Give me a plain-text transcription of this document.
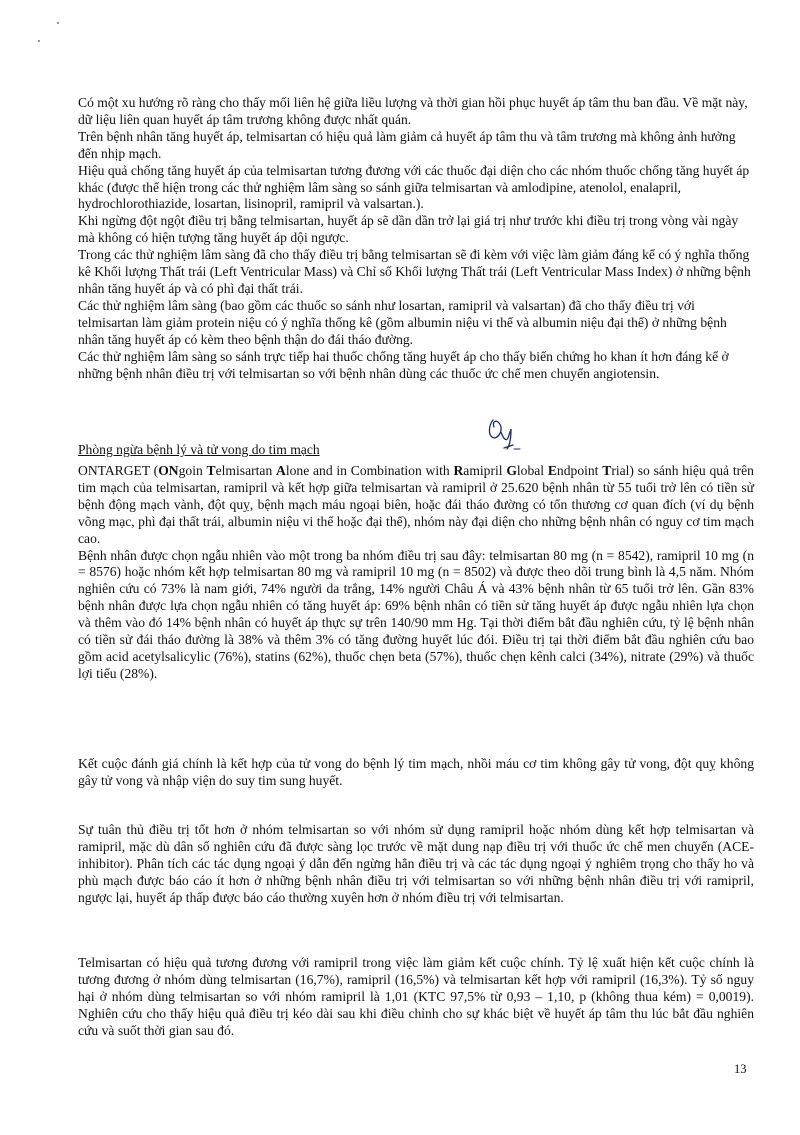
Có một xu hướng rõ ràng cho thấy mối liên hệ giữa liều lượng và thời gian hồi phục huyết áp tâm thu ban đầu. Về mặt này, dữ liệu liên quan huyết áp tâm trương không được nhất quán.

Trên bệnh nhân tăng huyết áp, telmisartan có hiệu quả làm giảm cả huyết áp tâm thu và tâm trương mà không ảnh hưởng đến nhịp mạch.

Hiệu quả chống tăng huyết áp của telmisartan tương đương với các thuốc đại diện cho các nhóm thuốc chống tăng huyết áp khác (được thể hiện trong các thử nghiệm lâm sàng so sánh giữa telmisartan và amlodipine, atenolol, enalapril, hydrochlorothiazide, losartan, lisinopril, ramipril và valsartan.).

Khi ngừng đột ngột điều trị bằng telmisartan, huyết áp sẽ dần dần trở lại giá trị như trước khi điều trị trong vòng vài ngày mà không có hiện tượng tăng huyết áp dội ngược.

Trong các thử nghiệm lâm sàng đã cho thấy điều trị bằng telmisartan sẽ đi kèm với việc làm giảm đáng kể có ý nghĩa thống kê Khối lượng Thất trái (Left Ventricular Mass) và Chỉ số Khối lượng Thất trái (Left Ventricular Mass Index) ở những bệnh nhân tăng huyết áp và có phì đại thất trái.

Các thử nghiệm lâm sàng (bao gồm các thuốc so sánh như losartan, ramipril và valsartan) đã cho thấy điều trị với telmisartan làm giảm protein niệu có ý nghĩa thống kê (gồm albumin niệu vi thể và albumin niệu đại thể) ở những bệnh nhân tăng huyết áp có kèm theo bệnh thận do đái tháo đường.

Các thử nghiệm lâm sàng so sánh trực tiếp hai thuốc chống tăng huyết áp cho thấy biến chứng ho khan ít hơn đáng kể ở những bệnh nhân điều trị với telmisartan so với bệnh nhân dùng các thuốc ức chế men chuyển angiotensin.

Phòng ngừa bệnh lý và tử vong do tim mạch

ONTARGET (ONgoin Telmisartan Alone and in Combination with Ramipril Global Endpoint Trial) so sánh hiệu quả trên tim mạch của telmisartan, ramipril và kết hợp giữa telmisartan và ramipril ở 25.620 bệnh nhân từ 55 tuổi trở lên có tiền sử bệnh động mạch vành, đột quỵ, bệnh mạch máu ngoại biên, hoặc đái tháo đường có tổn thương cơ quan đích (ví dụ bệnh võng mạc, phì đại thất trái, albumin niệu vi thể hoặc đại thể), nhóm này đại diện cho những bệnh nhân có nguy cơ tim mạch cao.

Bệnh nhân được chọn ngẫu nhiên vào một trong ba nhóm điều trị sau đây: telmisartan 80 mg (n = 8542), ramipril 10 mg (n = 8576) hoặc nhóm kết hợp telmisartan 80 mg và ramipril 10 mg (n = 8502) và được theo dõi trung bình là 4,5 năm. Nhóm nghiên cứu có 73% là nam giới, 74% người da trắng, 14% người Châu Á và 43% bệnh nhân từ 65 tuổi trở lên. Gần 83% bệnh nhân được lựa chọn ngẫu nhiên có tăng huyết áp: 69% bệnh nhân có tiền sử tăng huyết áp được ngẫu nhiên lựa chọn và thêm vào đó 14% bệnh nhân có huyết áp thực sự trên 140/90 mm Hg. Tại thời điểm bắt đầu nghiên cứu, tỷ lệ bệnh nhân có tiền sử đái tháo đường là 38% và thêm 3% có tăng đường huyết lúc đói. Điều trị tại thời điểm bắt đầu nghiên cứu bao gồm acid acetylsalicylic (76%), statins (62%), thuốc chẹn beta (57%), thuốc chẹn kênh calci (34%), nitrate (29%) và thuốc lợi tiểu (28%).

Kết cuộc đánh giá chính là kết hợp của tử vong do bệnh lý tim mạch, nhồi máu cơ tim không gây tử vong, đột quỵ không gây tử vong và nhập viện do suy tim sung huyết.

Sự tuân thủ điều trị tốt hơn ở nhóm telmisartan so với nhóm sử dụng ramipril hoặc nhóm dùng kết hợp telmisartan và ramipril, mặc dù dân số nghiên cứu đã được sàng lọc trước về mặt dung nạp điều trị với thuốc ức chế men chuyển (ACE-inhibitor). Phân tích các tác dụng ngoại ý dẫn đến ngừng hẳn điều trị và các tác dụng ngoại ý nghiêm trọng cho thấy ho và phù mạch được báo cáo ít hơn ở những bệnh nhân điều trị với telmisartan so với những bệnh nhân điều trị với ramipril, ngược lại, huyết áp thấp được báo cáo thường xuyên hơn ở nhóm điều trị với telmisartan.

Telmisartan có hiệu quả tương đương với ramipril trong việc làm giảm kết cuộc chính. Tỷ lệ xuất hiện kết cuộc chính là tương đương ở nhóm dùng telmisartan (16,7%), ramipril (16,5%) và telmisartan kết hợp với ramipril (16,3%). Tỷ số nguy hại ở nhóm dùng telmisartan so với nhóm ramipril là 1,01 (KTC 97,5% từ 0,93 – 1,10, p (không thua kém) = 0,0019). Nghiên cứu cho thấy hiệu quả điều trị kéo dài sau khi điều chỉnh cho sự khác biệt về huyết áp tâm thu lúc bắt đầu nghiên cứu và suốt thời gian sau đó.

13
